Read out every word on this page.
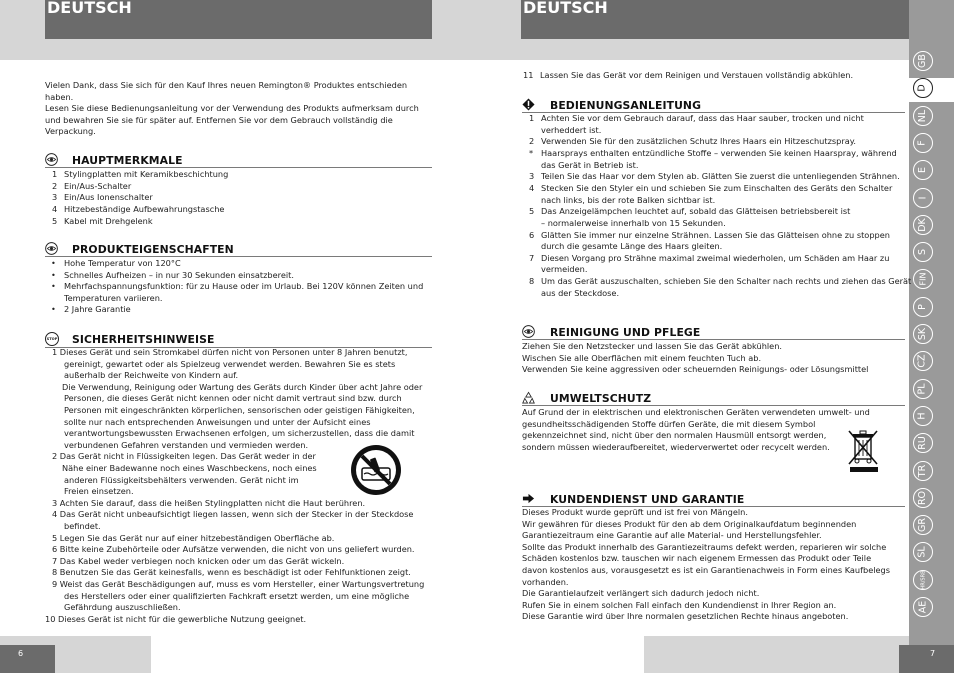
DEUTSCH	DEUTSCH
GB
D
NL
F
E
I
DK
S
FIN
P
SK
CZ
PL
H
RU
TR
RO
GR
SL
HR/SRB
AE
Vielen Dank, dass Sie sich für den Kauf Ihres neuen Remington® Produktes entschieden
haben.
Lesen Sie diese Bedienungsanleitung vor der Verwendung des Produkts aufmerksam durch
und bewahren Sie sie für später auf. Entfernen Sie vor dem Gebrauch vollständig die
Verpackung.
HAUPTMERKMALE
1 Stylingplatten mit Keramikbeschichtung
2 Ein/Aus-Schalter
3 Ein/Aus Ionenschalter
4 Hitzebeständige Aufbewahrungstasche
5 Kabel mit Drehgelenk
PRODUKTEIGENSCHAFTEN
• Hohe Temperatur von 120°C
• Schnelles Aufheizen – in nur 30 Sekunden einsatzbereit.
• Mehrfachspannungsfunktion: für zu Hause oder im Urlaub. Bei 120V können Zeiten und
Temperaturen variieren.
• 2 Jahre Garantie
STOP SICHERHEITSHINWEISE
1 Dieses Gerät und sein Stromkabel dürfen nicht von Personen unter 8 Jahren benutzt,
gereinigt, gewartet oder als Spielzeug verwendet werden. Bewahren Sie es stets
außerhalb der Reichweite von Kindern auf.
Die Verwendung, Reinigung oder Wartung des Geräts durch Kinder über acht Jahre oder
Personen, die dieses Gerät nicht kennen oder nicht damit vertraut sind bzw. durch
Personen mit eingeschränkten körperlichen, sensorischen oder geistigen Fähigkeiten,
sollte nur nach entsprechenden Anweisungen und unter der Aufsicht eines
verantwortungsbewussten Erwachsenen erfolgen, um sicherzustellen, dass die damit
verbundenen Gefahren verstanden und vermieden werden.
2 Das Gerät nicht in Flüssigkeiten legen. Das Gerät weder in der
Nähe einer Badewanne noch eines Waschbeckens, noch eines
anderen Flüssigkeitsbehälters verwenden. Gerät nicht im
Freien einsetzen.
3 Achten Sie darauf, dass die heißen Stylingplatten nicht die Haut berühren.
4 Das Gerät nicht unbeaufsichtigt liegen lassen, wenn sich der Stecker in der Steckdose
befindet.
5 Legen Sie das Gerät nur auf einer hitzebeständigen Oberfläche ab.
6 Bitte keine Zubehörteile oder Aufsätze verwenden, die nicht von uns geliefert wurden.
7 Das Kabel weder verbiegen noch knicken oder um das Gerät wickeln.
8 Benutzen Sie das Gerät keinesfalls, wenn es beschädigt ist oder Fehlfunktionen zeigt.
9 Weist das Gerät Beschädigungen auf, muss es vom Hersteller, einer Wartungsvertretung
des Herstellers oder einer qualifizierten Fachkraft ersetzt werden, um eine mögliche
Gefährdung auszuschließen.
10 Dieses Gerät ist nicht für die gewerbliche Nutzung geeignet.
11 Lassen Sie das Gerät vor dem Reinigen und Verstauen vollständig abkühlen.
BEDIENUNGSANLEITUNG
1 Achten Sie vor dem Gebrauch darauf, dass das Haar sauber, trocken und nicht
verheddert ist.
2 Verwenden Sie für den zusätzlichen Schutz Ihres Haars ein Hitzeschutzspray.
* Haarsprays enthalten entzündliche Stoffe – verwenden Sie keinen Haarspray, während
das Gerät in Betrieb ist.
3 Teilen Sie das Haar vor dem Stylen ab. Glätten Sie zuerst die untenliegenden Strähnen.
4 Stecken Sie den Styler ein und schieben Sie zum Einschalten des Geräts den Schalter
nach links, bis der rote Balken sichtbar ist.
5 Das Anzeigelämpchen leuchtet auf, sobald das Glätteisen betriebsbereit ist
– normalerweise innerhalb von 15 Sekunden.
6 Glätten Sie immer nur einzelne Strähnen. Lassen Sie das Glätteisen ohne zu stoppen
durch die gesamte Länge des Haars gleiten.
7 Diesen Vorgang pro Strähne maximal zweimal wiederholen, um Schäden am Haar zu
vermeiden.
8 Um das Gerät auszuschalten, schieben Sie den Schalter nach rechts und ziehen das Gerät
aus der Steckdose.
REINIGUNG UND PFLEGE
Ziehen Sie den Netzstecker und lassen Sie das Gerät abkühlen.
Wischen Sie alle Oberflächen mit einem feuchten Tuch ab.
Verwenden Sie keine aggressiven oder scheuernden Reinigungs- oder Lösungsmittel
UMWELTSCHUTZ
Auf Grund der in elektrischen und elektronischen Geräten verwendeten umwelt- und
gesundheitsschädigenden Stoffe dürfen Geräte, die mit diesem Symbol
gekennzeichnet sind, nicht über den normalen Hausmüll entsorgt werden,
sondern müssen wiederaufbereitet, wiederverwertet oder recycelt werden.
KUNDENDIENST UND GARANTIE
Dieses Produkt wurde geprüft und ist frei von Mängeln.
Wir gewähren für dieses Produkt für den ab dem Originalkaufdatum beginnenden
Garantiezeitraum eine Garantie auf alle Material- und Herstellungsfehler.
Sollte das Produkt innerhalb des Garantiezeitraums defekt werden, reparieren wir solche
Schäden kostenlos bzw. tauschen wir nach eigenem Ermessen das Produkt oder Teile
davon kostenlos aus, vorausgesetzt es ist ein Garantienachweis in Form eines Kaufbelegs
vorhanden.
Die Garantielaufzeit verlängert sich dadurch jedoch nicht.
Rufen Sie in einem solchen Fall einfach den Kundendienst in Ihrer Region an.
Diese Garantie wird über Ihre normalen gesetzlichen Rechte hinaus angeboten.
6	7
